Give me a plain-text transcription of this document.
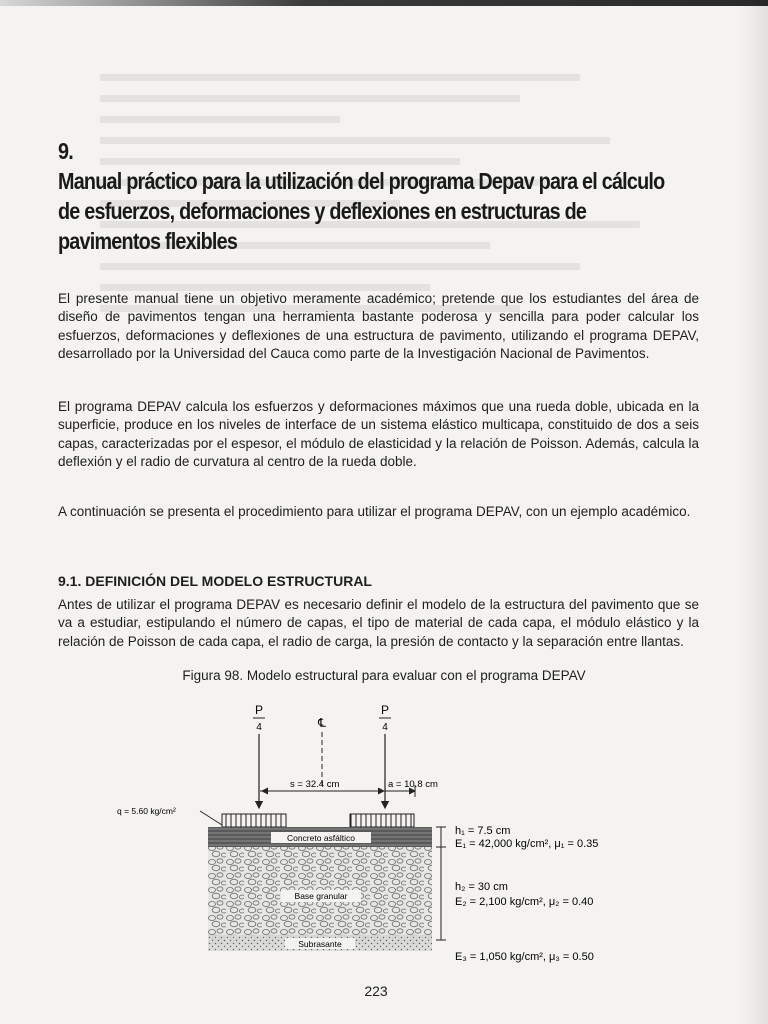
9.Manual práctico para la utilización del programa Depav para el cálculo de esfuerzos, deformaciones y deflexiones en estructuras de pavimentos flexibles

El presente manual tiene un objetivo meramente académico; pretende que los estudiantes del área de diseño de pavimentos tengan una herramienta bastante poderosa y sencilla para poder calcular los esfuerzos, deformaciones y deflexiones de una estructura de pavimento, utilizando el programa DEPAV, desarrollado por la Universidad del Cauca como parte de la Investigación Nacional de Pavimentos.

El programa DEPAV calcula los esfuerzos y deformaciones máximos que una rueda doble, ubicada en la superficie, produce en los niveles de interface de un sistema elástico multicapa, constituido de dos a seis capas, caracterizadas por el espesor, el módulo de elasticidad y la relación de Poisson. Además, calcula la deflexión y el radio de curvatura al centro de la rueda doble.

A continuación se presenta el procedimiento para utilizar el programa DEPAV, con un ejemplo académico.

9.1. DEFINICIÓN DEL MODELO ESTRUCTURAL

Antes de utilizar el programa DEPAV es necesario definir el modelo de la estructura del pavimento que se va a estudiar, estipulando el número de capas, el tipo de material de cada capa, el módulo elástico y la relación de Poisson de cada capa, el radio de carga, la presión de contacto y la separación entre llantas.

Figura 98. Modelo estructural para evaluar con el programa DEPAV

P
4
P
4
℄
s = 32.4 cm	a = 10.8 cm
q = 5.60 kg/cm²
Concreto asfáltico
Base granular
Subrasante
h₁ = 7.5 cm
E₁ = 42,000 kg/cm², μ₁ = 0.35
h₂ = 30 cm
E₂ = 2,100 kg/cm², μ₂ = 0.40
E₃ = 1,050 kg/cm², μ₃ = 0.50
223
